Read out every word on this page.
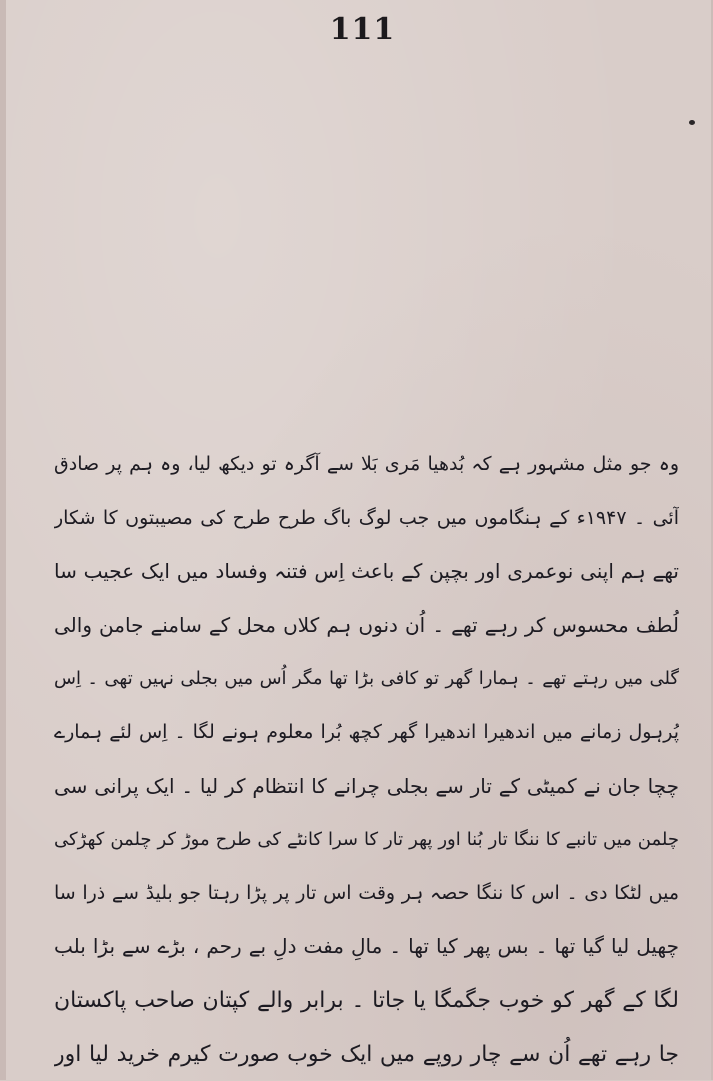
111
وہ جو مثل مشہور ہے کہ بُدھیا مَری بَلا سے آگرہ تو دیکھ لیا، وہ ہم پر صادق
آئی ۔ ۱۹۴۷ء کے ہنگاموں میں جب لوگ باگ طرح طرح کی مصیبتوں کا شکار
تھے ہم اپنی نوعمری اور بچپن کے باعث اِس فتنہ وفساد میں ایک عجیب سا
لُطف محسوس کر رہے تھے ۔ اُن دنوں ہم کلاں محل کے سامنے جامن والی
گلی میں رہتے تھے ۔ ہمارا گھر تو کافی بڑا تھا مگر اُس میں بجلی نہیں تھی ۔ اِس
پُرہول زمانے میں اندھیرا اندھیرا گھر کچھ بُرا معلوم ہونے لگا ۔ اِس لئے ہمارے
چچا جان نے کمیٹی کے تار سے بجلی چرانے کا انتظام کر لیا ۔ ایک پرانی سی
چلمن میں تانبے کا ننگا تار بُنا اور پھر تار کا سرا کانٹے کی طرح موڑ کر چلمن کھڑکی
میں لٹکا دی ۔ اس کا ننگا حصہ ہر وقت اس تار پر پڑا رہتا جو بلیڈ سے ذرا سا
چھیل لیا گیا تھا ۔ بس پھر کیا تھا ۔ مالِ مفت دلِ بے رحم ، بڑے سے بڑا بلب
لگا کے گھر کو خوب جگمگا یا جاتا ۔ برابر والے کپتان صاحب پاکستان
جا رہے تھے اُن سے چار روپے میں ایک خوب صورت کیرم خرید لیا اور
